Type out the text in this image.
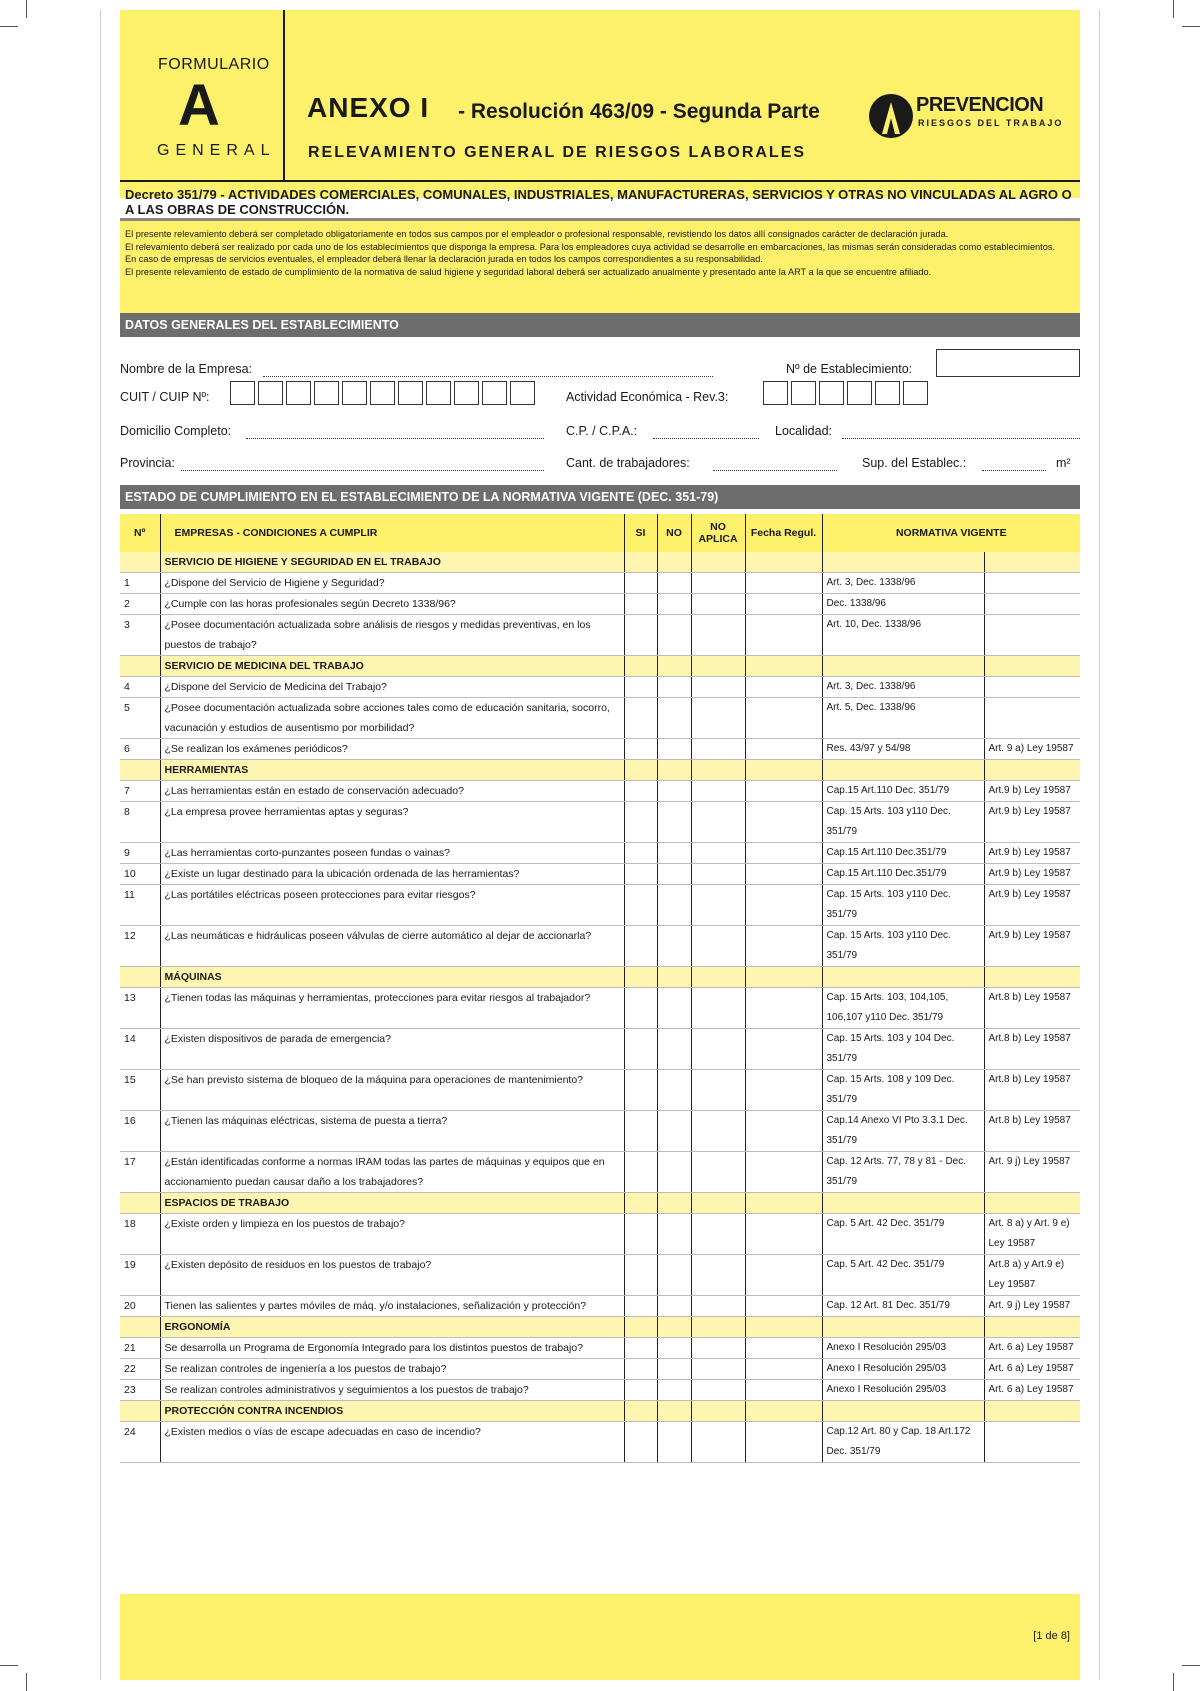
FORMULARIO
A
GENERAL
ANEXO I - Resolución 463/09 - Segunda Parte
RELEVAMIENTO GENERAL DE RIESGOS LABORALES
PREVENCION
RIESGOS DEL TRABAJO
Decreto 351/79 - ACTIVIDADES COMERCIALES, COMUNALES, INDUSTRIALES, MANUFACTURERAS, SERVICIOS Y OTRAS NO VINCULADAS AL AGRO O A LAS OBRAS DE CONSTRUCCIÓN.

El presente relevamiento deberá ser completado obligatoriamente en todos sus campos por el empleador o profesional responsable, revistiendo los datos allí consignados carácter de declaración jurada.

El relevamiento deberá ser realizado por cada uno de los establecimientos que disponga la empresa. Para los empleadores cuya actividad se desarrolle en embarcaciones, las mismas serán consideradas como establecimientos.

En caso de empresas de servicios eventuales, el empleador deberá llenar la declaración jurada en todos los campos correspondientes a su responsabilidad.

El presente relevamiento de estado de cumplimiento de la normativa de salud higiene y seguridad laboral deberá ser actualizado anualmente y presentado ante la ART a la que se encuentre afiliado.

DATOS GENERALES DEL ESTABLECIMIENTO
Nombre de la Empresa:	Nº de Establecimiento:
CUIT / CUIP Nº:	Actividad Económica - Rev.3:
Domicilio Completo:	C.P. / C.P.A.:	Localidad:
Provincia:	Cant. de trabajadores:	Sup. del Establec.:	m²
ESTADO DE CUMPLIMIENTO EN EL ESTABLECIMIENTO DE LA NORMATIVA VIGENTE (DEC. 351-79)
Nº	EMPRESAS - CONDICIONES A CUMPLIR	SI	NO	NO APLICA	Fecha Regul.	NORMATIVA VIGENTE	
	SERVICIO DE HIGIENE Y SEGURIDAD EN EL TRABAJO						
1	¿Dispone del Servicio de Higiene y Seguridad?					Art. 3, Dec. 1338/96	
2	¿Cumple con las horas profesionales según Decreto 1338/96?					Dec. 1338/96	
3	¿Posee documentación actualizada sobre análisis de riesgos y medidas preventivas, en los puestos de trabajo?					Art. 10, Dec. 1338/96	
	SERVICIO DE MEDICINA DEL TRABAJO						
4	¿Dispone del Servicio de Medicina del Trabajo?					Art. 3, Dec. 1338/96	
5	¿Posee documentación actualizada sobre acciones tales como de educación sanitaria, socorro, vacunación y estudios de ausentismo por morbilidad?					Art. 5, Dec. 1338/96	
6	¿Se realizan los exámenes periódicos?					Res. 43/97 y 54/98	Art. 9 a) Ley 19587
	HERRAMIENTAS						
7	¿Las herramientas están en estado de conservación adecuado?					Cap.15 Art.110 Dec. 351/79	Art.9 b) Ley 19587
8	¿La empresa provee herramientas aptas y seguras?					Cap. 15 Arts. 103 y110 Dec. 351/79	Art.9 b) Ley 19587
9	¿Las herramientas corto-punzantes poseen fundas o vainas?					Cap.15 Art.110 Dec.351/79	Art.9 b) Ley 19587
10	¿Existe un lugar destinado para la ubicación ordenada de las herramientas?					Cap.15 Art.110 Dec.351/79	Art.9 b) Ley 19587
11	¿Las portátiles eléctricas poseen protecciones para evitar riesgos?					Cap. 15 Arts. 103 y110 Dec. 351/79	Art.9 b) Ley 19587
12	¿Las neumáticas e hidráulicas poseen válvulas de cierre automático al dejar de accionarla?					Cap. 15 Arts. 103 y110 Dec. 351/79	Art.9 b) Ley 19587
	MÁQUINAS						
13	¿Tienen todas las máquinas y herramientas, protecciones para evitar riesgos al trabajador?					Cap. 15 Arts. 103, 104,105, 106,107 y110 Dec. 351/79	Art.8 b) Ley 19587
14	¿Existen dispositivos de parada de emergencia?					Cap. 15 Arts. 103 y 104 Dec. 351/79	Art.8 b) Ley 19587
15	¿Se han previsto sistema de bloqueo de la máquina para operaciones de mantenimiento?					Cap. 15 Arts. 108 y 109 Dec. 351/79	Art.8 b) Ley 19587
16	¿Tienen las máquinas eléctricas, sistema de puesta a tierra?					Cap.14 Anexo VI Pto 3.3.1 Dec. 351/79	Art.8 b) Ley 19587
17	¿Están identificadas conforme a normas IRAM todas las partes de máquinas y equipos que en accionamiento puedan causar daño a los trabajadores?					Cap. 12 Arts. 77, 78 y 81 - Dec. 351/79	Art. 9 j) Ley 19587
	ESPACIOS DE TRABAJO						
18	¿Existe orden y limpieza en los puestos de trabajo?					Cap. 5 Art. 42 Dec. 351/79	Art. 8 a) y Art. 9 e) Ley 19587
19	¿Existen depósito de residuos en los puestos de trabajo?					Cap. 5 Art. 42 Dec. 351/79	Art.8 a) y Art.9 e) Ley 19587
20	Tienen las salientes y partes móviles de máq. y/o instalaciones, señalización y protección?					Cap. 12 Art. 81 Dec. 351/79	Art. 9 j) Ley 19587
	ERGONOMÍA						
21	Se desarrolla un Programa de Ergonomía Integrado para los distintos puestos de trabajo?					Anexo I Resolución 295/03	Art. 6 a) Ley 19587
22	Se realizan controles de ingeniería a los puestos de trabajo?					Anexo I Resolución 295/03	Art. 6 a) Ley 19587
23	Se realizan controles administrativos y seguimientos a los puestos de trabajo?					Anexo I Resolución 295/03	Art. 6 a) Ley 19587
	PROTECCIÓN CONTRA INCENDIOS						
24	¿Existen medios o vías de escape adecuadas en caso de incendio?					Cap.12 Art. 80 y Cap. 18 Art.172 Dec. 351/79	
[1 de 8]
